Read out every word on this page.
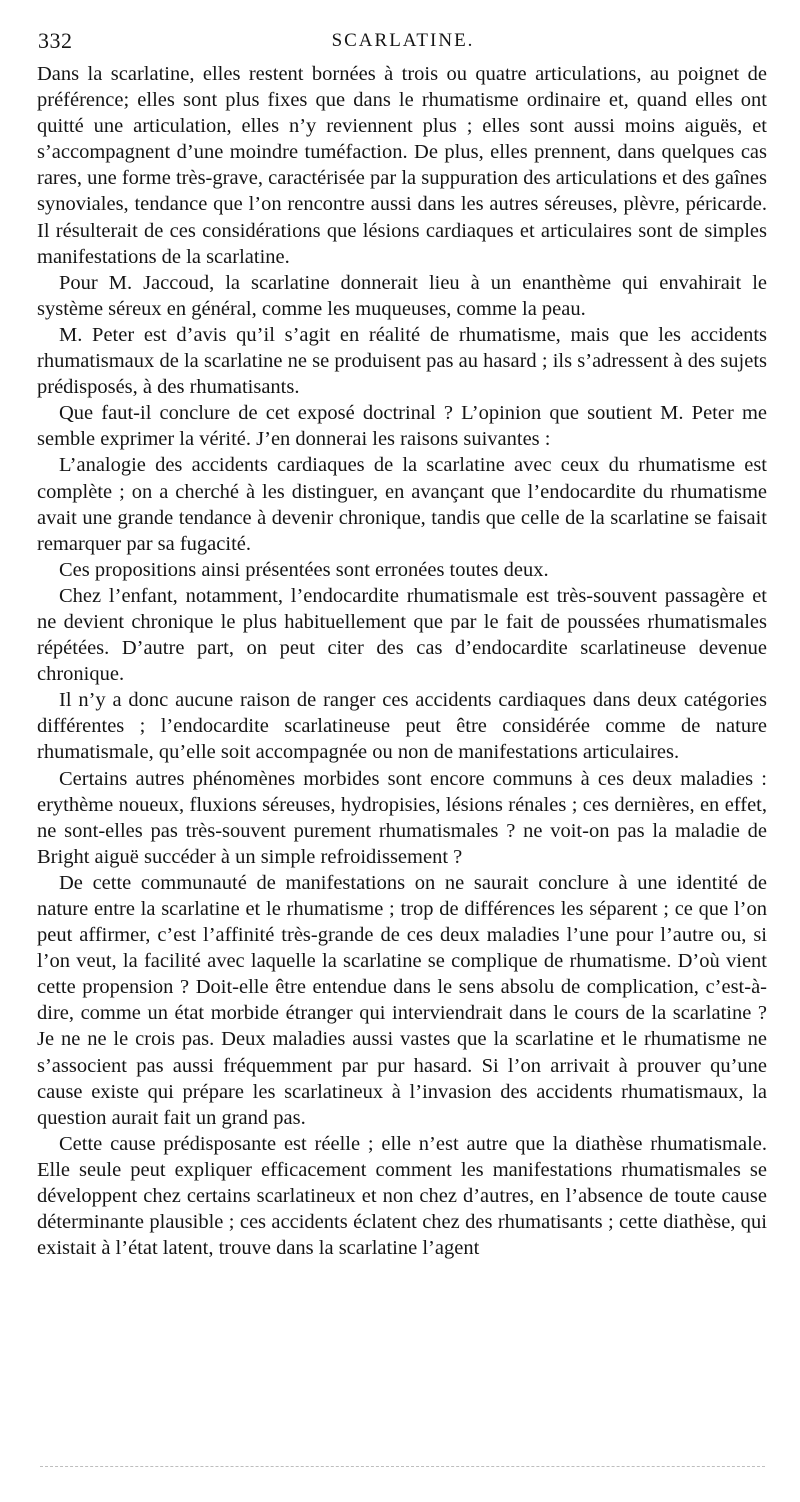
332	SCARLATINE.

Dans la scarlatine, elles restent bornées à trois ou quatre articulations, au poignet de préférence; elles sont plus fixes que dans le rhumatisme ordinaire et, quand elles ont quitté une articulation, elles n’y reviennent plus ; elles sont aussi moins aiguës, et s’accompagnent d’une moindre tuméfaction. De plus, elles prennent, dans quelques cas rares, une forme très-grave, caractérisée par la suppuration des articulations et des gaînes synoviales, tendance que l’on rencontre aussi dans les autres séreuses, plèvre, péricarde. Il résulterait de ces considérations que lésions cardiaques et articulaires sont de simples manifestations de la scarlatine.

Pour M. Jaccoud, la scarlatine donnerait lieu à un enanthème qui envahirait le système séreux en général, comme les muqueuses, comme la peau.

M. Peter est d’avis qu’il s’agit en réalité de rhumatisme, mais que les accidents rhumatismaux de la scarlatine ne se produisent pas au hasard ; ils s’adressent à des sujets prédisposés, à des rhumatisants.

Que faut-il conclure de cet exposé doctrinal ? L’opinion que soutient M. Peter me semble exprimer la vérité. J’en donnerai les raisons suivantes :

L’analogie des accidents cardiaques de la scarlatine avec ceux du rhumatisme est complète ; on a cherché à les distinguer, en avançant que l’endocardite du rhumatisme avait une grande tendance à devenir chronique, tandis que celle de la scarlatine se faisait remarquer par sa fugacité.

Ces propositions ainsi présentées sont erronées toutes deux.

Chez l’enfant, notamment, l’endocardite rhumatismale est très-souvent passagère et ne devient chronique le plus habituellement que par le fait de poussées rhumatismales répétées. D’autre part, on peut citer des cas d’endocardite scarlatineuse devenue chronique.

Il n’y a donc aucune raison de ranger ces accidents cardiaques dans deux catégories différentes ; l’endocardite scarlatineuse peut être considérée comme de nature rhumatismale, qu’elle soit accompagnée ou non de manifestations articulaires.

Certains autres phénomènes morbides sont encore communs à ces deux maladies : erythème noueux, fluxions séreuses, hydropisies, lésions rénales ; ces dernières, en effet, ne sont-elles pas très-souvent purement rhumatismales ? ne voit-on pas la maladie de Bright aiguë succéder à un simple refroidissement ?

De cette communauté de manifestations on ne saurait conclure à une identité de nature entre la scarlatine et le rhumatisme ; trop de différences les séparent ; ce que l’on peut affirmer, c’est l’affinité très-grande de ces deux maladies l’une pour l’autre ou, si l’on veut, la facilité avec laquelle la scarlatine se complique de rhumatisme. D’où vient cette propension ? Doit-elle être entendue dans le sens absolu de complication, c’est-à-dire, comme un état morbide étranger qui interviendrait dans le cours de la scarlatine ? Je ne ne le crois pas. Deux maladies aussi vastes que la scarlatine et le rhumatisme ne s’associent pas aussi fréquemment par pur hasard. Si l’on arrivait à prouver qu’une cause existe qui prépare les scarlatineux à l’invasion des accidents rhumatismaux, la question aurait fait un grand pas.

Cette cause prédisposante est réelle ; elle n’est autre que la diathèse rhumatismale. Elle seule peut expliquer efficacement comment les manifestations rhumatismales se développent chez certains scarlatineux et non chez d’autres, en l’absence de toute cause déterminante plausible ; ces accidents éclatent chez des rhumatisants ; cette diathèse, qui existait à l’état latent, trouve dans la scarlatine l’agent
